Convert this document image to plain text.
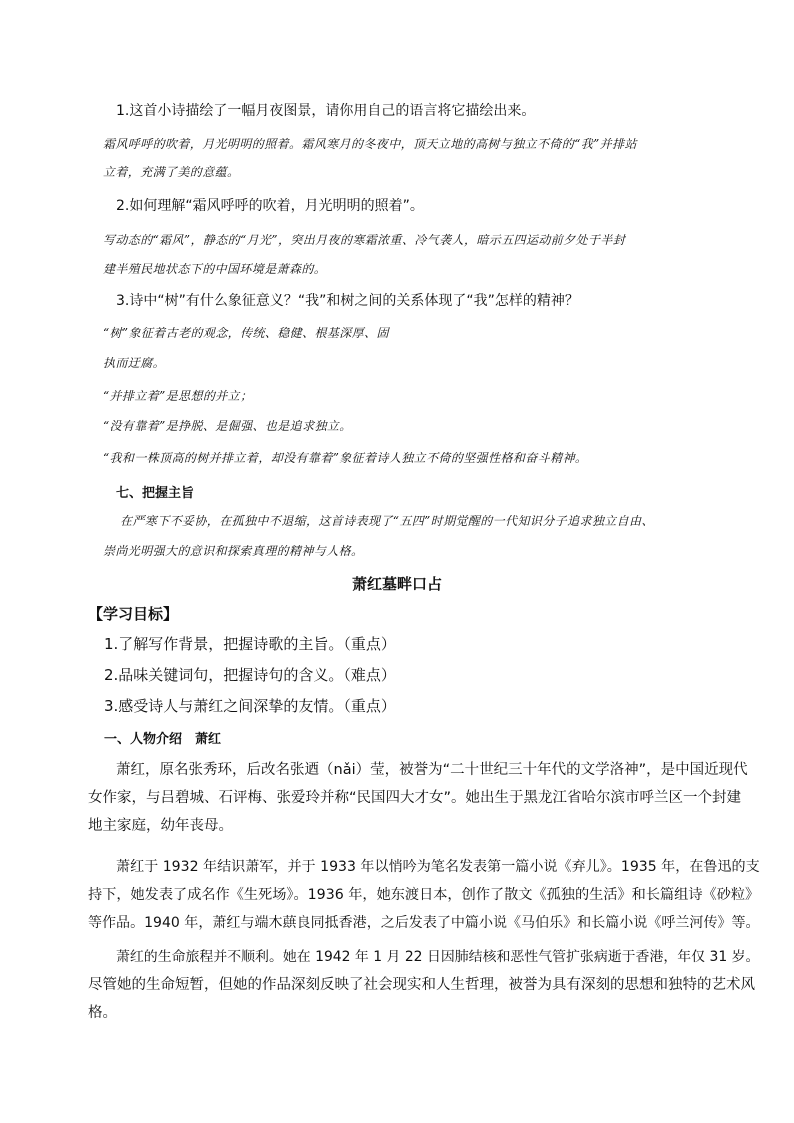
1.这首小诗描绘了一幅月夜图景，请你用自己的语言将它描绘出来。
霜风呼呼的吹着，月光明明的照着。霜风寒月的冬夜中，顶天立地的高树与独立不倚的“我”并排站
立着，充满了美的意蕴。
2.如何理解“霜风呼呼的吹着，月光明明的照着”。
写动态的“霜风”，静态的“月光”，突出月夜的寒霜浓重、冷气袭人，暗示五四运动前夕处于半封
建半殖民地状态下的中国环境是萧森的。
3.诗中“树”有什么象征意义？“我”和树之间的关系体现了“我”怎样的精神？
“树”象征着古老的观念，传统、稳健、根基深厚、固
执而迂腐。
“并排立着”是思想的并立；
“没有靠着”是挣脱、是倔强、也是追求独立。
“我和一株顶高的树并排立着，却没有靠着”象征着诗人独立不倚的坚强性格和奋斗精神。
七、把握主旨
在严寒下不妥协，在孤独中不退缩，这首诗表现了“五四”时期觉醒的一代知识分子追求独立自由、
崇尚光明强大的意识和探索真理的精神与人格。
萧红墓畔口占
【学习目标】
1.了解写作背景，把握诗歌的主旨。（重点）
2.品味关键词句，把握诗句的含义。（难点）
3.感受诗人与萧红之间深挚的友情。（重点）
一、人物介绍　萧红
萧红，原名张秀环，后改名张迺（nǎi）莹，被誉为“二十世纪三十年代的文学洛神”，是中国近现代
女作家，与吕碧城、石评梅、张爱玲并称“民国四大才女”。她出生于黑龙江省哈尔滨市呼兰区一个封建
地主家庭，幼年丧母。
萧红于 1932 年结识萧军，并于 1933 年以悄吟为笔名发表第一篇小说《弃儿》。1935 年，在鲁迅的支
持下，她发表了成名作《生死场》。1936 年，她东渡日本，创作了散文《孤独的生活》和长篇组诗《砂粒》
等作品。1940 年，萧红与端木蕻良同抵香港，之后发表了中篇小说《马伯乐》和长篇小说《呼兰河传》等。
萧红的生命旅程并不顺利。她在 1942 年 1 月 22 日因肺结核和恶性气管扩张病逝于香港，年仅 31 岁。
尽管她的生命短暂，但她的作品深刻反映了社会现实和人生哲理，被誉为具有深刻的思想和独特的艺术风
格。
